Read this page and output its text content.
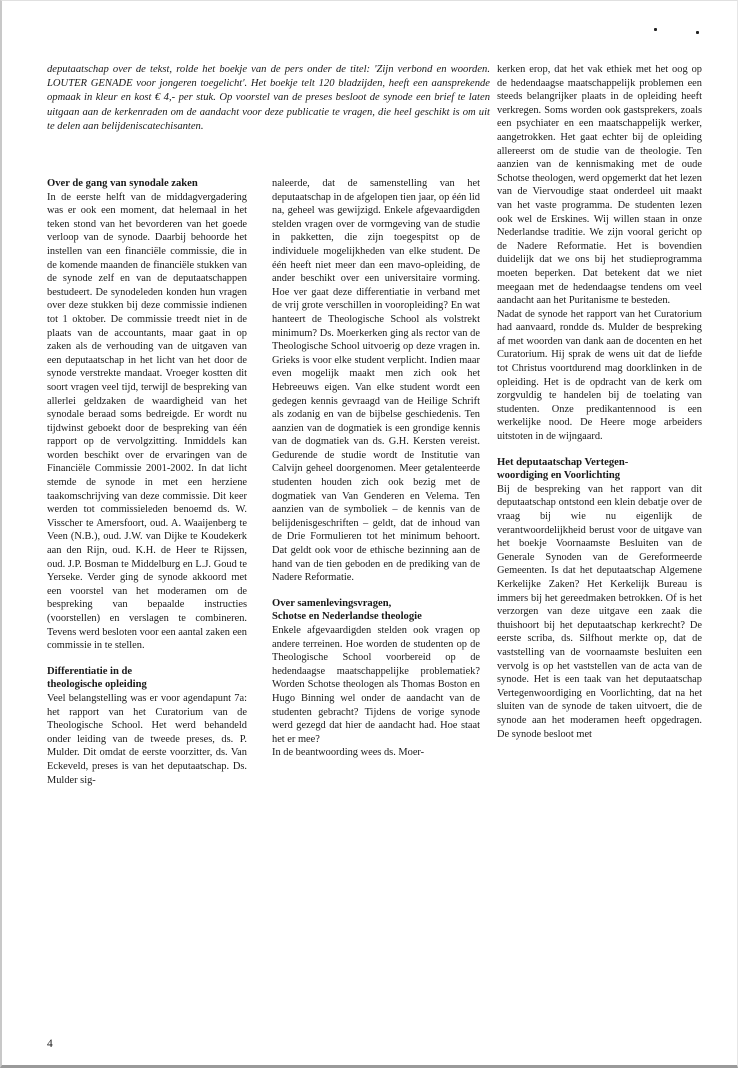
deputaatschap over de tekst, rolde het boekje van de pers onder de titel: 'Zijn verbond en woorden. LOUTER GENADE voor jongeren toegelicht'. Het boekje telt 120 bladzijden, heeft een aansprekende opmaak in kleur en kost € 4,- per stuk. Op voorstel van de preses besloot de synode een brief te laten uitgaan aan de kerkenraden om de aandacht voor deze publicatie te vragen, die heel geschikt is om uit te delen aan belijdeniscatechisanten.
Over de gang van synodale zaken

In de eerste helft van de middagvergadering was er ook een moment, dat helemaal in het teken stond van het bevorderen van het goede verloop van de synode. Daarbij behoorde het instellen van een financiële commissie, die in de komende maanden de financiële stukken van de synode zelf en van de deputaatschappen bestudeert. De synodeleden konden hun vragen over deze stukken bij deze commissie indienen tot 1 oktober. De commissie treedt niet in de plaats van de accountants, maar gaat in op zaken als de verhouding van de uitgaven van een deputaatschap in het licht van het door de synode verstrekte mandaat. Vroeger kostten dit soort vragen veel tijd, terwijl de bespreking van allerlei geldzaken de waardigheid van het synodale beraad soms bedreigde. Er wordt nu tijdwinst geboekt door de bespreking van één rapport op de vervolgzitting. Inmiddels kan worden beschikt over de ervaringen van de Financiële Commissie 2001-2002. In dat licht stemde de synode in met een herziene taakomschrijving van deze commissie. Dit keer werden tot commissieleden benoemd ds. W. Visscher te Amersfoort, oud. A. Waaijenberg te Veen (N.B.), oud. J.W. van Dijke te Koudekerk aan den Rijn, oud. K.H. de Heer te Rijssen, oud. J.P. Bosman te Middelburg en L.J. Goud te Yerseke. Verder ging de synode akkoord met een voorstel van het moderamen om de bespreking van bepaalde instructies (voorstellen) en verslagen te combineren. Tevens werd besloten voor een aantal zaken een commissie in te stellen.

Differentiatie in de
theologische opleiding

Veel belangstelling was er voor agendapunt 7a: het rapport van het Curatorium van de Theologische School. Het werd behandeld onder leiding van de tweede preses, ds. P. Mulder. Dit omdat de eerste voorzitter, ds. Van Eckeveld, preses is van het deputaatschap. Ds. Mulder sig-

naleerde, dat de samenstelling van het deputaatschap in de afgelopen tien jaar, op één lid na, geheel was gewijzigd. Enkele afgevaardigden stelden vragen over de vormgeving van de studie in pakketten, die zijn toegespitst op de individuele mogelijkheden van elke student. De één heeft niet meer dan een mavo-opleiding, de ander beschikt over een universitaire vorming. Hoe ver gaat deze differentiatie in verband met de vrij grote verschillen in vooropleiding? En wat hanteert de Theologische School als volstrekt minimum? Ds. Moerkerken ging als rector van de Theologische School uitvoerig op deze vragen in. Grieks is voor elke student verplicht. Indien maar even mogelijk maakt men zich ook het Hebreeuws eigen. Van elke student wordt een gedegen kennis gevraagd van de Heilige Schrift als zodanig en van de bijbelse geschiedenis. Ten aanzien van de dogmatiek is een grondige kennis van de dogmatiek van ds. G.H. Kersten vereist. Gedurende de studie wordt de Institutie van Calvijn geheel doorgenomen. Meer getalenteerde studenten houden zich ook bezig met de dogmatiek van Van Genderen en Velema. Ten aanzien van de symboliek – de kennis van de belijdenisgeschriften – geldt, dat de inhoud van de Drie Formulieren tot het minimum behoort. Dat geldt ook voor de ethische bezinning aan de hand van de tien geboden en de prediking van de Nadere Reformatie.

Over samenlevingsvragen,
Schotse en Nederlandse theologie

Enkele afgevaardigden stelden ook vragen op andere terreinen. Hoe worden de studenten op de Theologische School voorbereid op de hedendaagse maatschappelijke problematiek? Worden Schotse theologen als Thomas Boston en Hugo Binning wel onder de aandacht van de studenten gebracht? Tijdens de vorige synode werd gezegd dat hier de aandacht had. Hoe staat het er mee?

In de beantwoording wees ds. Moer-

kerken erop, dat het vak ethiek met het oog op de hedendaagse maatschappelijk problemen een steeds belangrijker plaats in de opleiding heeft verkregen. Soms worden ook gastsprekers, zoals een psychiater en een maatschappelijk werker, aangetrokken. Het gaat echter bij de opleiding allereerst om de studie van de theologie. Ten aanzien van de kennismaking met de oude Schotse theologen, werd opgemerkt dat het lezen van de Viervoudige staat onderdeel uit maakt van het vaste programma. De studenten lezen ook wel de Erskines. Wij willen staan in onze Nederlandse traditie. We zijn vooral gericht op de Nadere Reformatie. Het is bovendien duidelijk dat we ons bij het studieprogramma moeten beperken. Dat betekent dat we niet meegaan met de hedendaagse tendens om veel aandacht aan het Puritanisme te besteden.

Nadat de synode het rapport van het Curatorium had aanvaard, rondde ds. Mulder de bespreking af met woorden van dank aan de docenten en het Curatorium. Hij sprak de wens uit dat de liefde tot Christus voortdurend mag doorklinken in de opleiding. Het is de opdracht van de kerk om zorgvuldig te handelen bij de toelating van studenten. Onze predikantennood is een werkelijke nood. De Heere moge arbeiders uitstoten in de wijngaard.

Het deputaatschap Vertegen-
woordiging en Voorlichting

Bij de bespreking van het rapport van dit deputaatschap ontstond een klein debatje over de vraag bij wie nu eigenlijk de verantwoordelijkheid berust voor de uitgave van het boekje Voornaamste Besluiten van de Generale Synoden van de Gereformeerde Gemeenten. Is dat het deputaatschap Algemene Kerkelijke Zaken? Het Kerkelijk Bureau is immers bij het gereedmaken betrokken. Of is het verzorgen van deze uitgave een zaak die thuishoort bij het deputaatschap kerkrecht? De eerste scriba, ds. Silfhout merkte op, dat de vaststelling van de voornaamste besluiten een vervolg is op het vaststellen van de acta van de synode. Het is een taak van het deputaatschap Vertegenwoordiging en Voorlichting, dat na het sluiten van de synode de taken uitvoert, die de synode aan het moderamen heeft opgedragen. De synode besloot met

4
